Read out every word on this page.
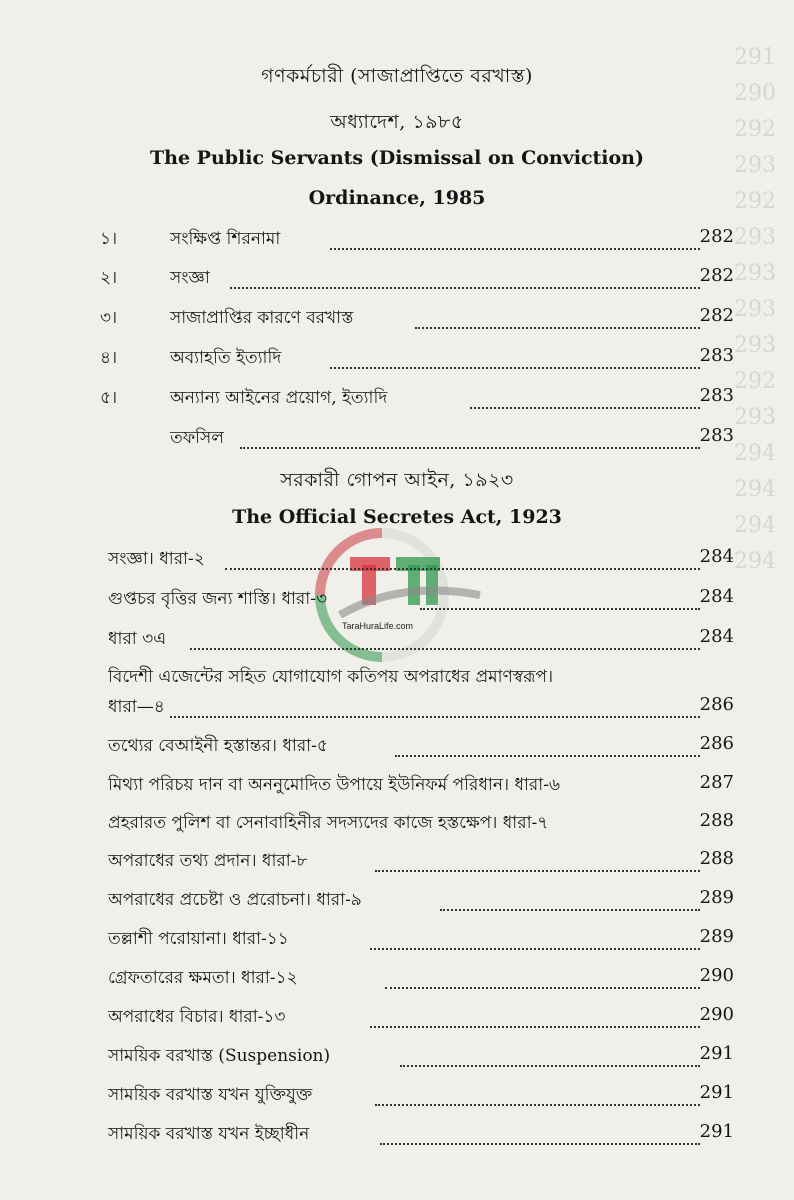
291
290
292
293
292
293
293
293
293
292
293
294
294
294
294
গণকর্মচারী (সাজাপ্রাপ্তিতে বরখাস্ত)
অধ্যাদেশ, ১৯৮৫
The Public Servants (Dismissal on Conviction)
Ordinance, 1985
১।	সংক্ষিপ্ত শিরনামা	282
২।	সংজ্ঞা	282
৩।	সাজাপ্রাপ্তির কারণে বরখাস্ত	282
৪।	অব্যাহতি ইত্যাদি	283
৫।	অন্যান্য আইনের প্রয়োগ, ইত্যাদি	283
তফসিল	283
সরকারী গোপন আইন, ১৯২৩
The Official Secretes Act, 1923
TaraHuraLife.com
সংজ্ঞা। ধারা-২	284
গুপ্তচর বৃত্তির জন্য শাস্তি। ধারা-৩	284
ধারা ৩এ	284
বিদেশী এজেন্টের সহিত যোগাযোগ কতিপয় অপরাধের প্রমাণস্বরূপ।
ধারা—৪	286
তথ্যের বেআইনী হস্তান্তর। ধারা-৫	286
মিথ্যা পরিচয় দান বা অননুমোদিত উপায়ে ইউনিফর্ম পরিধান। ধারা-৬	287
প্রহরারত পুলিশ বা সেনাবাহিনীর সদস্যদের কাজে হস্তক্ষেপ। ধারা-৭	288
অপরাধের তথ্য প্রদান। ধারা-৮	288
অপরাধের প্রচেষ্টা ও প্ররোচনা। ধারা-৯	289
তল্লাশী পরোয়ানা। ধারা-১১	289
গ্রেফতারের ক্ষমতা। ধারা-১২	290
অপরাধের বিচার। ধারা-১৩	290
সাময়িক বরখাস্ত (Suspension)	291
সাময়িক বরখাস্ত যখন যুক্তিযুক্ত	291
সাময়িক বরখাস্ত যখন ইচ্ছাধীন	291
